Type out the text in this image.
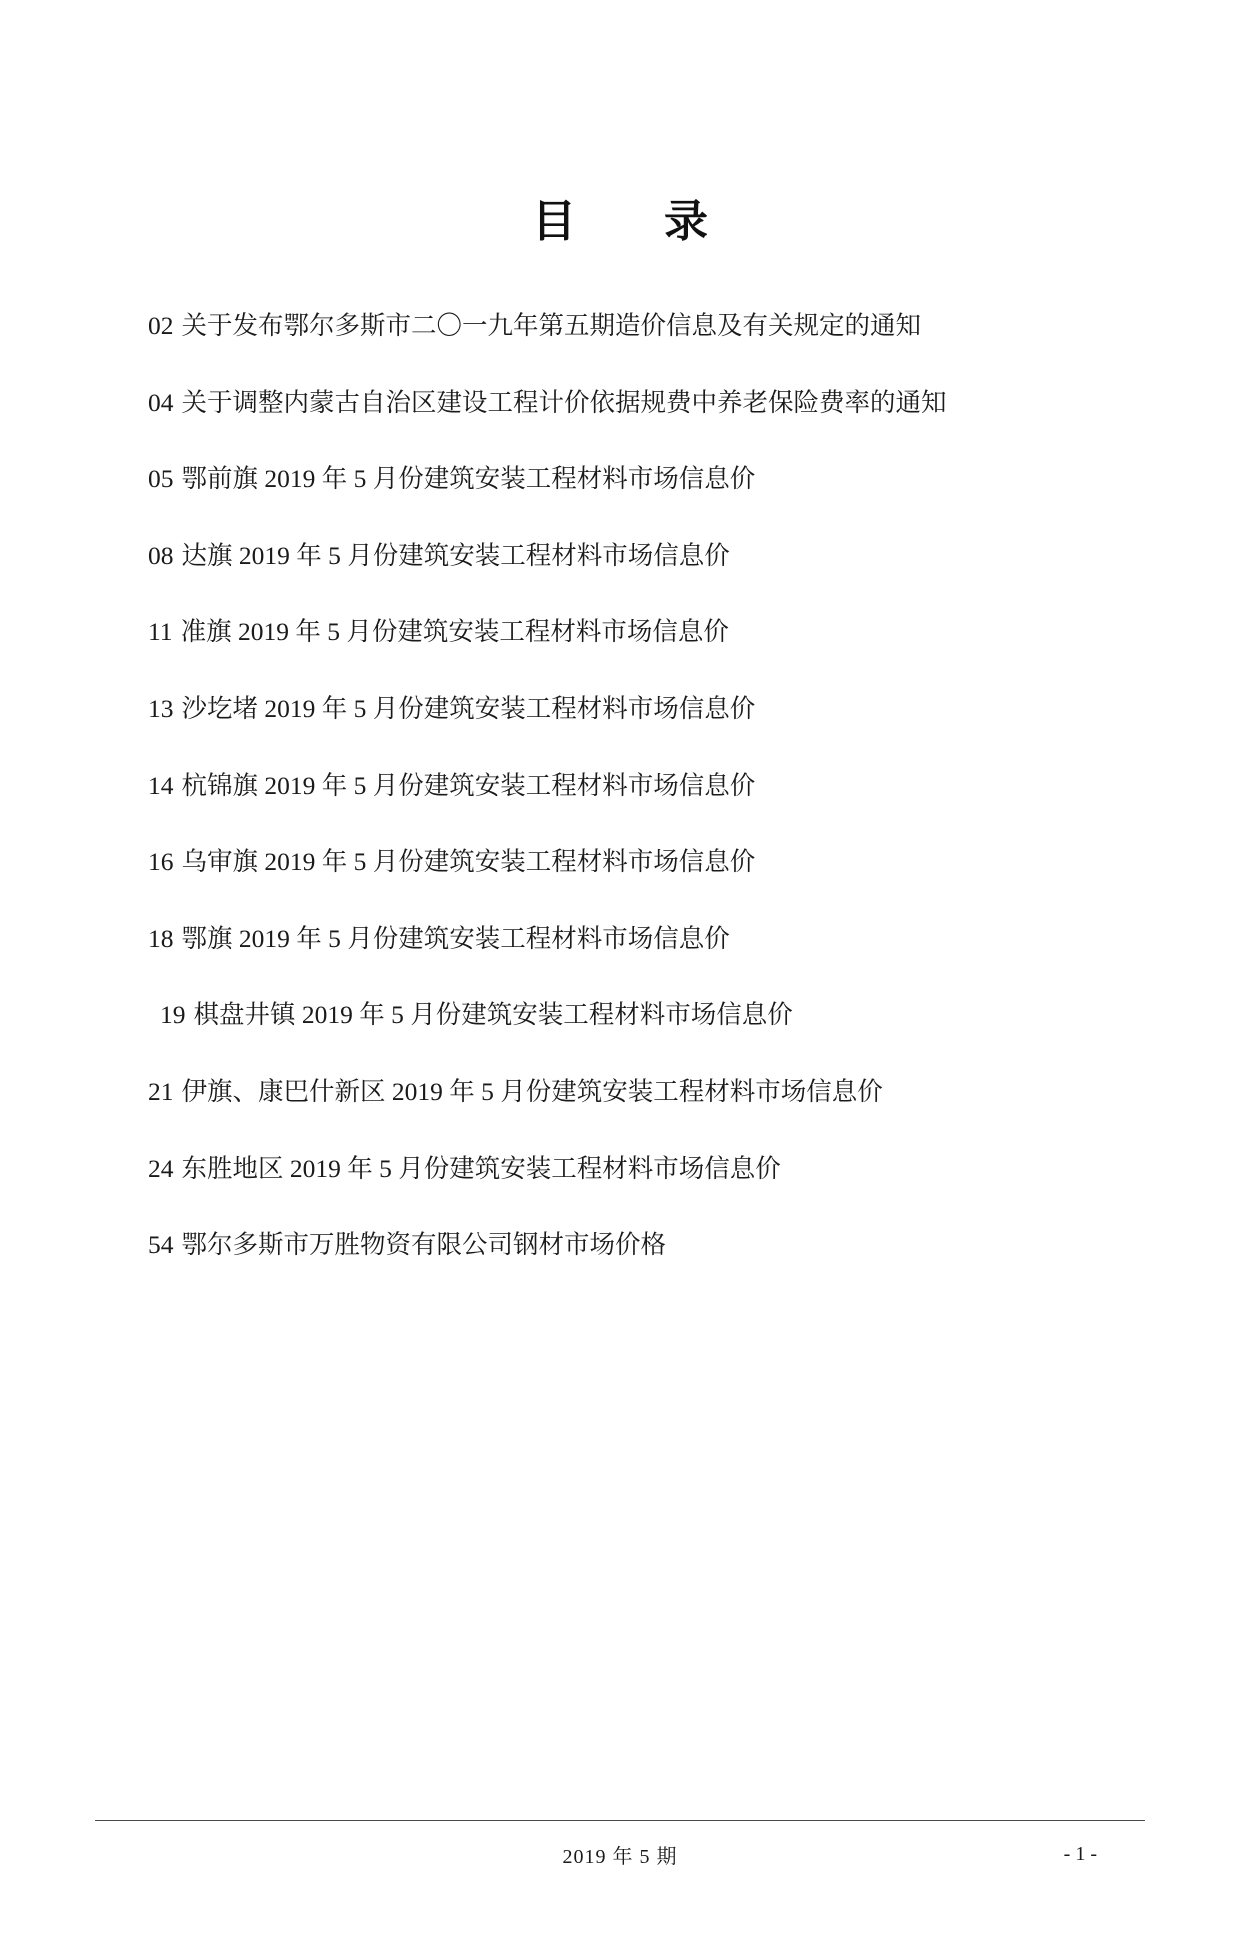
目　录
02 关于发布鄂尔多斯市二〇一九年第五期造价信息及有关规定的通知
04 关于调整内蒙古自治区建设工程计价依据规费中养老保险费率的通知
05 鄂前旗 2019 年 5 月份建筑安装工程材料市场信息价
08 达旗 2019 年 5 月份建筑安装工程材料市场信息价
11 准旗 2019 年 5 月份建筑安装工程材料市场信息价
13 沙圪堵 2019 年 5 月份建筑安装工程材料市场信息价
14 杭锦旗 2019 年 5 月份建筑安装工程材料市场信息价
16 乌审旗 2019 年 5 月份建筑安装工程材料市场信息价
18 鄂旗 2019 年 5 月份建筑安装工程材料市场信息价
19 棋盘井镇 2019 年 5 月份建筑安装工程材料市场信息价
21 伊旗、康巴什新区 2019 年 5 月份建筑安装工程材料市场信息价
24 东胜地区 2019 年 5 月份建筑安装工程材料市场信息价
54 鄂尔多斯市万胜物资有限公司钢材市场价格
2019 年 5 期	- 1 -
